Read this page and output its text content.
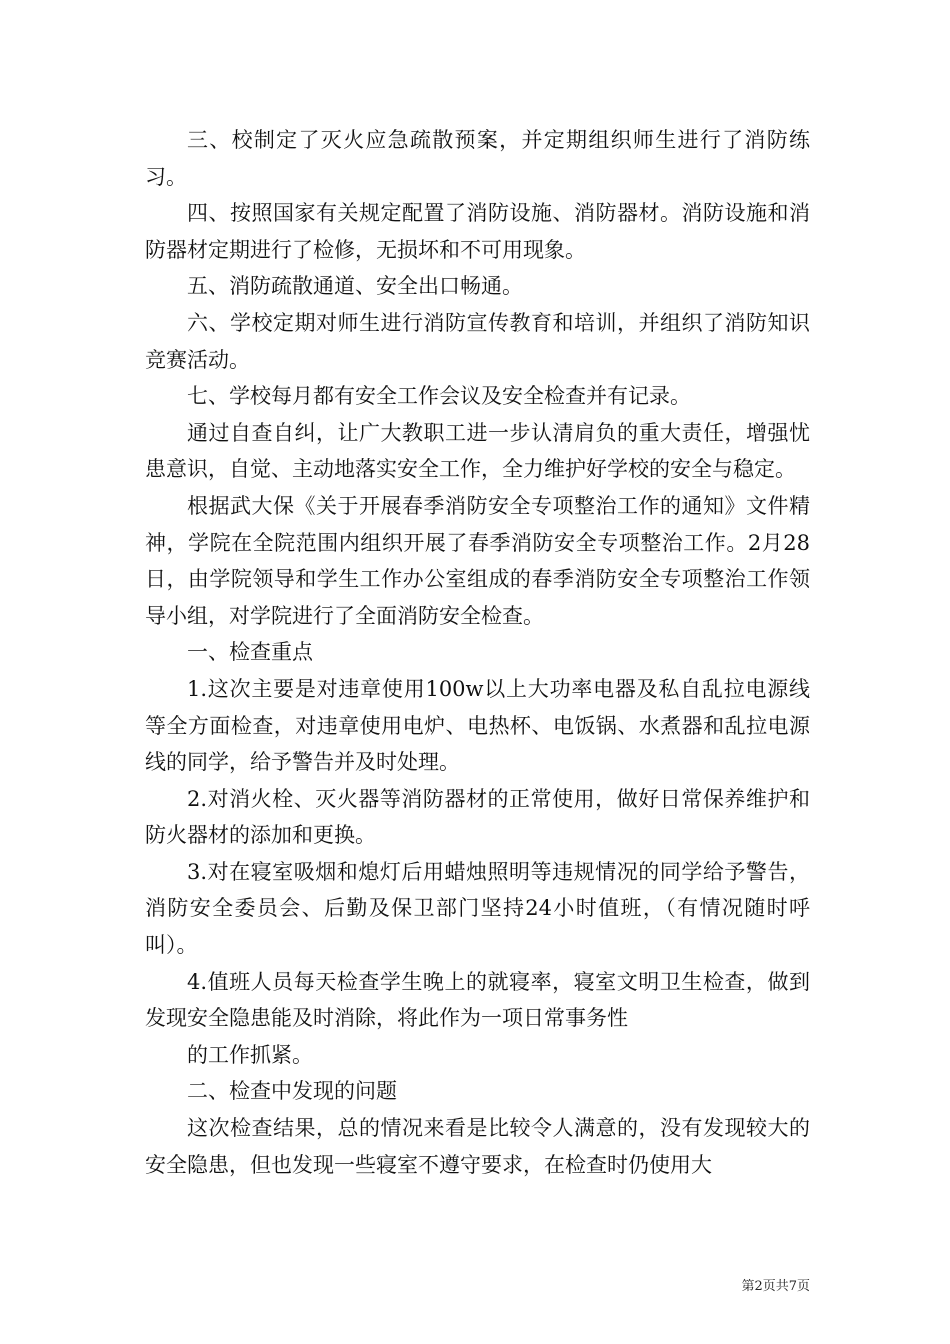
三、校制定了灭火应急疏散预案，并定期组织师生进行了消防练习。

四、按照国家有关规定配置了消防设施、消防器材。消防设施和消防器材定期进行了检修，无损坏和不可用现象。

五、消防疏散通道、安全出口畅通。

六、学校定期对师生进行消防宣传教育和培训，并组织了消防知识竞赛活动。

七、学校每月都有安全工作会议及安全检查并有记录。

通过自查自纠，让广大教职工进一步认清肩负的重大责任，增强忧患意识，自觉、主动地落实安全工作，全力维护好学校的安全与稳定。

根据武大保《关于开展春季消防安全专项整治工作的通知》文件精神，学院在全院范围内组织开展了春季消防安全专项整治工作。2月28日，由学院领导和学生工作办公室组成的春季消防安全专项整治工作领导小组，对学院进行了全面消防安全检查。

一、检查重点

1.这次主要是对违章使用100w以上大功率电器及私自乱拉电源线等全方面检查，对违章使用电炉、电热杯、电饭锅、水煮器和乱拉电源线的同学，给予警告并及时处理。

2.对消火栓、灭火器等消防器材的正常使用，做好日常保养维护和防火器材的添加和更换。

3.对在寝室吸烟和熄灯后用蜡烛照明等违规情况的同学给予警告，消防安全委员会、后勤及保卫部门坚持24小时值班，（有情况随时呼叫）。

4.值班人员每天检查学生晚上的就寝率，寝室文明卫生检查，做到发现安全隐患能及时消除，将此作为一项日常事务性

的工作抓紧。

二、检查中发现的问题

这次检查结果，总的情况来看是比较令人满意的，没有发现较大的安全隐患，但也发现一些寝室不遵守要求，在检查时仍使用大

第2页共7页
